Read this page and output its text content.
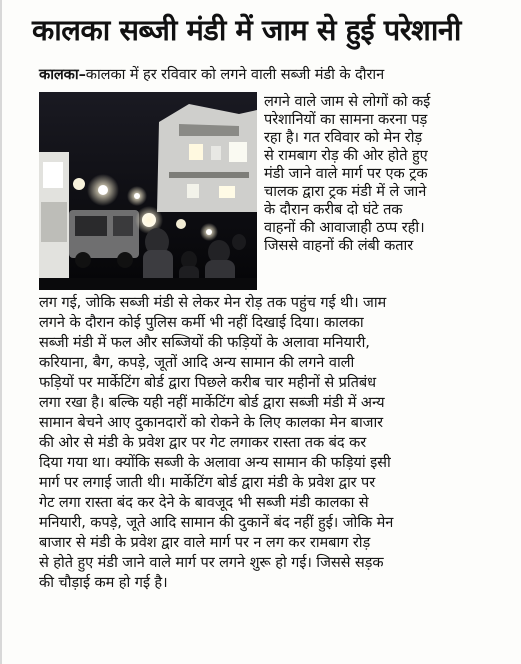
कालका सब्जी मंडी में जाम से हुई परेशानी
कालका–कालका में हर रविवार को लगने वाली सब्जी मंडी के दौरान
लगने वाले जाम से लोगों को कई
परेशानियों का सामना करना पड़
रहा है। गत रविवार को मेन रोड़
से रामबाग रोड़ की ओर होते हुए
मंडी जाने वाले मार्ग पर एक ट्रक
चालक द्वारा ट्रक मंडी में ले जाने
के दौरान करीब दो घंटे तक
वाहनों की आवाजाही ठप्प रही।
जिससे वाहनों की लंबी कतार
लग गई, जोकि सब्जी मंडी से लेकर मेन रोड़ तक पहुंच गई थी। जाम
लगने के दौरान कोई पुलिस कर्मी भी नहीं दिखाई दिया। कालका
सब्जी मंडी में फल और सब्जियों की फड़ियों के अलावा मनियारी,
करियाना, बैग, कपड़े, जूतों आदि अन्य सामान की लगने वाली
फड़ियों पर मार्केटिंग बोर्ड द्वारा पिछले करीब चार महीनों से प्रतिबंध
लगा रखा है। बल्कि यही नहीं मार्केटिंग बोर्ड द्वारा सब्जी मंडी में अन्य
सामान बेचने आए दुकानदारों को रोकने के लिए कालका मेन बाजार
की ओर से मंडी के प्रवेश द्वार पर गेट लगाकर रास्ता तक बंद कर
दिया गया था। क्योंकि सब्जी के अलावा अन्य सामान की फड़ियां इसी
मार्ग पर लगाई जाती थी। मार्केटिंग बोर्ड द्वारा मंडी के प्रवेश द्वार पर
गेट लगा रास्ता बंद कर देने के बावजूद भी सब्जी मंडी कालका से
मनियारी, कपड़े, जूते आदि सामान की दुकानें बंद नहीं हुई। जोकि मेन
बाजार से मंडी के प्रवेश द्वार वाले मार्ग पर न लग कर रामबाग रोड़
से होते हुए मंडी जाने वाले मार्ग पर लगने शुरू हो गई। जिससे सड़क
की चौड़ाई कम हो गई है।
